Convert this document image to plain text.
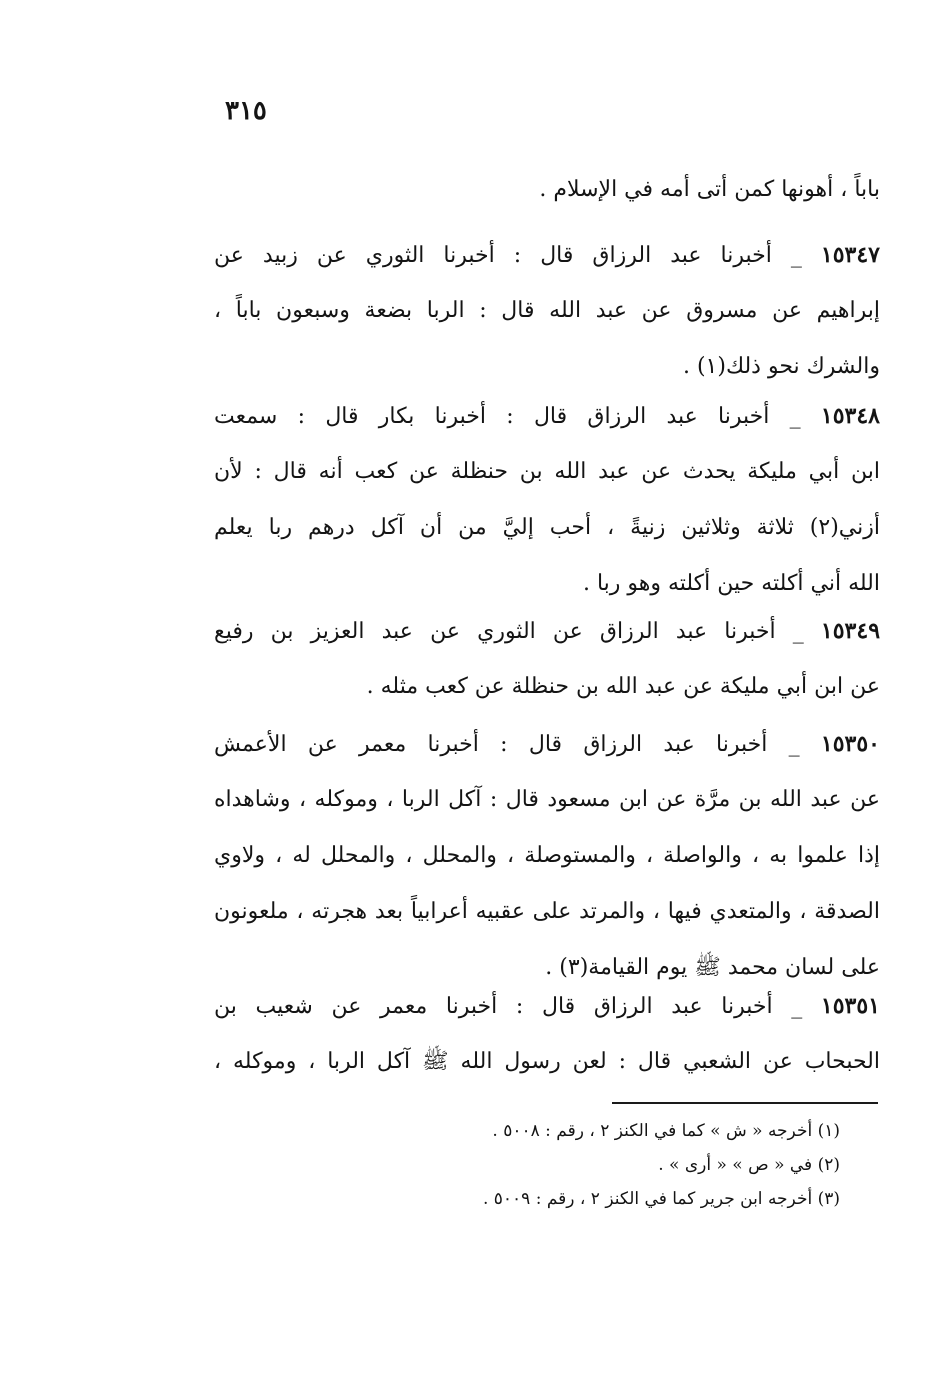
٣١٥
باباً ، أهونها كمن أتى أمه في الإسلام .
١٥٣٤٧ _ أخبرنا عبد الرزاق قال : أخبرنا الثوري عن زبيد عن
إبراهيم عن مسروق عن عبد الله قال : الربا بضعة وسبعون باباً ،
والشرك نحو ذلك(١) .
١٥٣٤٨ _ أخبرنا عبد الرزاق قال : أخبرنا بكار قال : سمعت
ابن أبي مليكة يحدث عن عبد الله بن حنظلة عن كعب أنه قال : لأن
أزني(٢) ثلاثة وثلاثين زنيةً ، أحب إليَّ من أن آكل درهم ربا يعلم
الله أني أكلته حين أكلته وهو ربا .
١٥٣٤٩ _ أخبرنا عبد الرزاق عن الثوري عن عبد العزيز بن رفيع
عن ابن أبي مليكة عن عبد الله بن حنظلة عن كعب مثله .
١٥٣٥٠ _ أخبرنا عبد الرزاق قال : أخبرنا معمر عن الأعمش
عن عبد الله بن مرَّة عن ابن مسعود قال : آكل الربا ، وموكله ، وشاهداه
إذا علموا به ، والواصلة ، والمستوصلة ، والمحلل ، والمحلل له ، ولاوي
الصدقة ، والمتعدي فيها ، والمرتد على عقبيه أعرابياً بعد هجرته ، ملعونون
على لسان محمد ﷺ يوم القيامة(٣) .
١٥٣٥١ _ أخبرنا عبد الرزاق قال : أخبرنا معمر عن شعيب بن
الحبحاب عن الشعبي قال : لعن رسول الله ﷺ آكل الربا ، وموكله ،
(١) أخرجه « ش » كما في الكنز ٢ ، رقم : ٥٠٠٨ .
(٢) في « ص » « أرى » .
(٣) أخرجه ابن جرير كما في الكنز ٢ ، رقم : ٥٠٠٩ .
